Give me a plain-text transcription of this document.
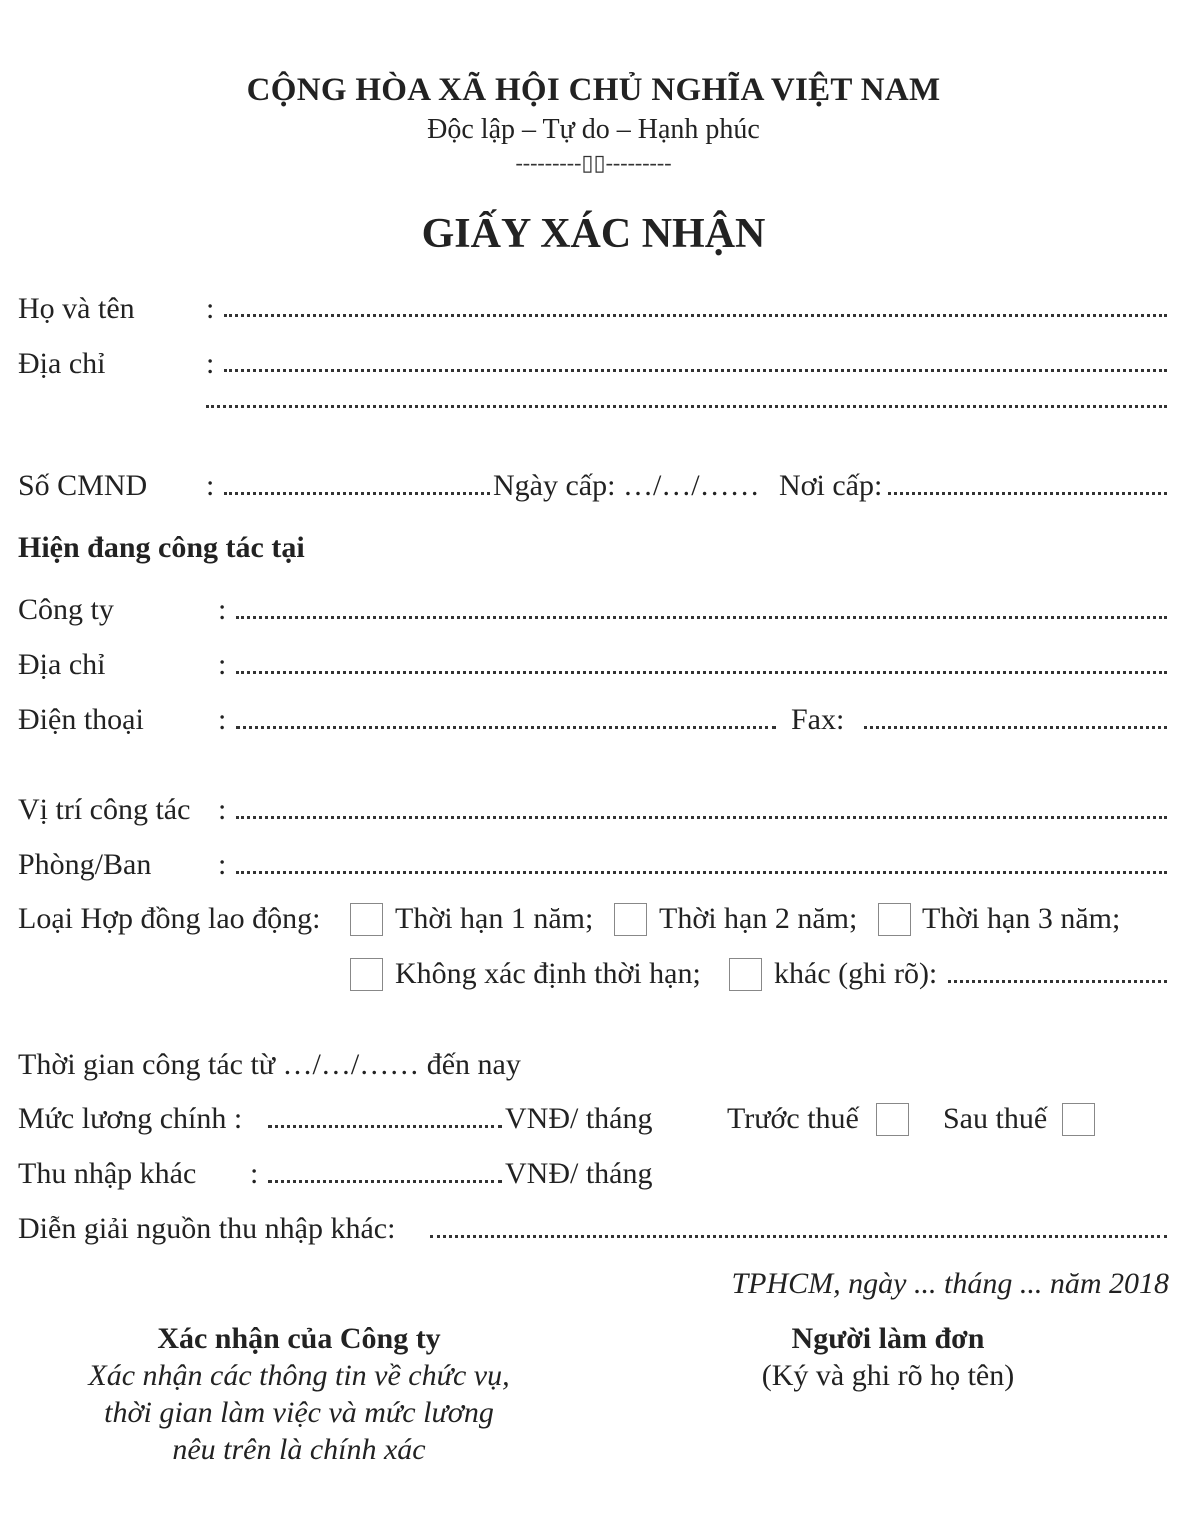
CỘNG HÒA XÃ HỘI CHỦ NGHĨA VIỆT NAM
Độc lập – Tự do – Hạnh phúc
---------▯▯---------
GIẤY XÁC NHẬN
Họ và tên :
Địa chỉ	:
Số CMND :	Ngày cấp: …/…/…… Nơi cấp:
Hiện đang công tác tại
Công ty	:
Địa chỉ	:
Điện thoại :	Fax:
Vị trí công tác :
Phòng/Ban :
Loại Hợp đồng lao động: Thời hạn 1 năm; Thời hạn 2 năm; Thời hạn 3 năm;
Không xác định thời hạn; khác (ghi rõ):
Thời gian công tác từ …/…/…… đến nay
Mức lương chính :	VNĐ/ tháng Trước thuế	Sau thuế
Thu nhập khác :	VNĐ/ tháng
Diễn giải nguồn thu nhập khác:
TPHCM, ngày ... tháng ... năm 2018
Xác nhận của Công ty
Xác nhận các thông tin về chức vụ,
thời gian làm việc và mức lương
nêu trên là chính xác
Người làm đơn
(Ký và ghi rõ họ tên)
